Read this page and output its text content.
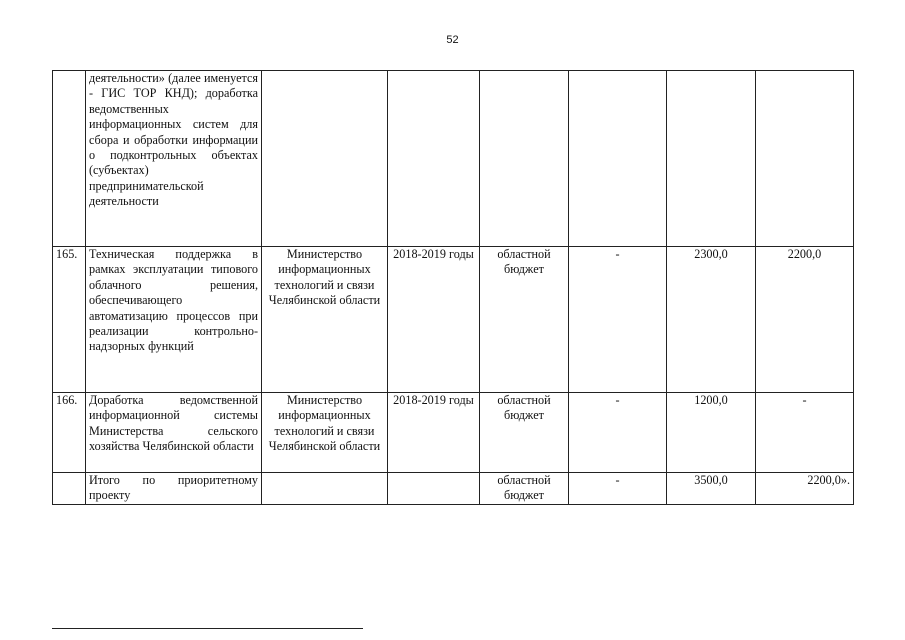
52
	деятельности» (далее именуется - ГИС ТОР КНД); доработка ведомственных информационных систем для сбора и обработки информации о подконтрольных объектах (субъектах) предпринимательской деятельности						
165.	Техническая поддержка в рамках эксплуатации типового облачного решения, обеспечивающего автоматизацию процессов при реализации контрольно-надзорных функций	Министерство информационных технологий и связи Челябинской области	2018-2019 годы	областной бюджет	-	2300,0	2200,0
166.	Доработка ведомственной информационной системы Министерства сельского хозяйства Челябинской области	Министерство информационных технологий и связи Челябинской области	2018-2019 годы	областной бюджет	-	1200,0	-
	Итого по приоритетному проекту			областной бюджет	-	3500,0	2200,0».
